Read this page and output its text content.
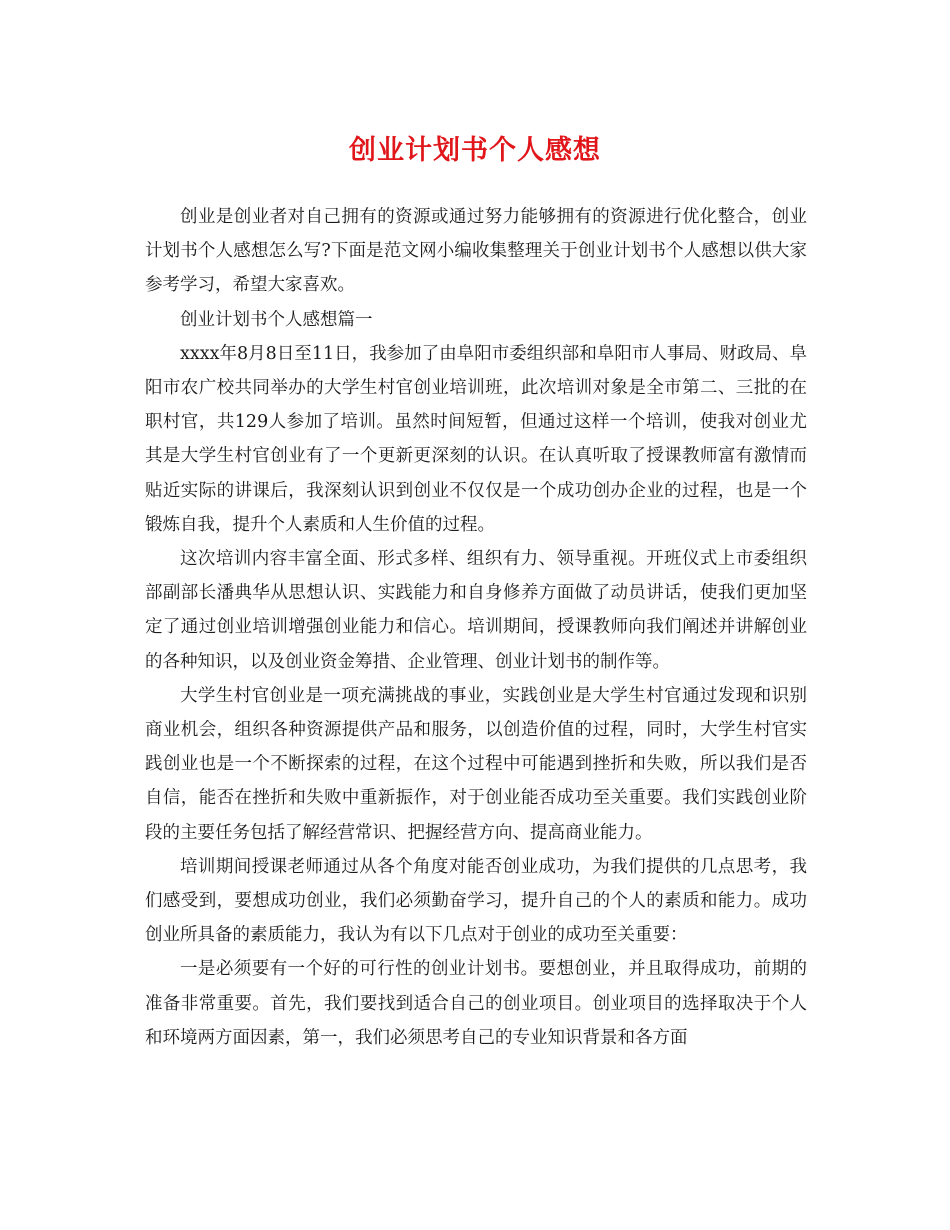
创业计划书个人感想

创业是创业者对自己拥有的资源或通过努力能够拥有的资源进行优化整合，创业计划书个人感想怎么写?下面是范文网小编收集整理关于创业计划书个人感想以供大家参考学习，希望大家喜欢。

创业计划书个人感想篇一

xxxx年8月8日至11日，我参加了由阜阳市委组织部和阜阳市人事局、财政局、阜阳市农广校共同举办的大学生村官创业培训班，此次培训对象是全市第二、三批的在职村官，共129人参加了培训。虽然时间短暂，但通过这样一个培训，使我对创业尤其是大学生村官创业有了一个更新更深刻的认识。在认真听取了授课教师富有激情而贴近实际的讲课后，我深刻认识到创业不仅仅是一个成功创办企业的过程，也是一个锻炼自我，提升个人素质和人生价值的过程。

这次培训内容丰富全面、形式多样、组织有力、领导重视。开班仪式上市委组织部副部长潘典华从思想认识、实践能力和自身修养方面做了动员讲话，使我们更加坚定了通过创业培训增强创业能力和信心。培训期间，授课教师向我们阐述并讲解创业的各种知识，以及创业资金筹措、企业管理、创业计划书的制作等。

大学生村官创业是一项充满挑战的事业，实践创业是大学生村官通过发现和识别商业机会，组织各种资源提供产品和服务，以创造价值的过程，同时，大学生村官实践创业也是一个不断探索的过程，在这个过程中可能遇到挫折和失败，所以我们是否自信，能否在挫折和失败中重新振作，对于创业能否成功至关重要。我们实践创业阶段的主要任务包括了解经营常识、把握经营方向、提高商业能力。

培训期间授课老师通过从各个角度对能否创业成功，为我们提供的几点思考，我们感受到，要想成功创业，我们必须勤奋学习，提升自己的个人的素质和能力。成功创业所具备的素质能力，我认为有以下几点对于创业的成功至关重要：

一是必须要有一个好的可行性的创业计划书。要想创业，并且取得成功，前期的准备非常重要。首先，我们要找到适合自己的创业项目。创业项目的选择取决于个人和环境两方面因素，第一，我们必须思考自己的专业知识背景和各方面
